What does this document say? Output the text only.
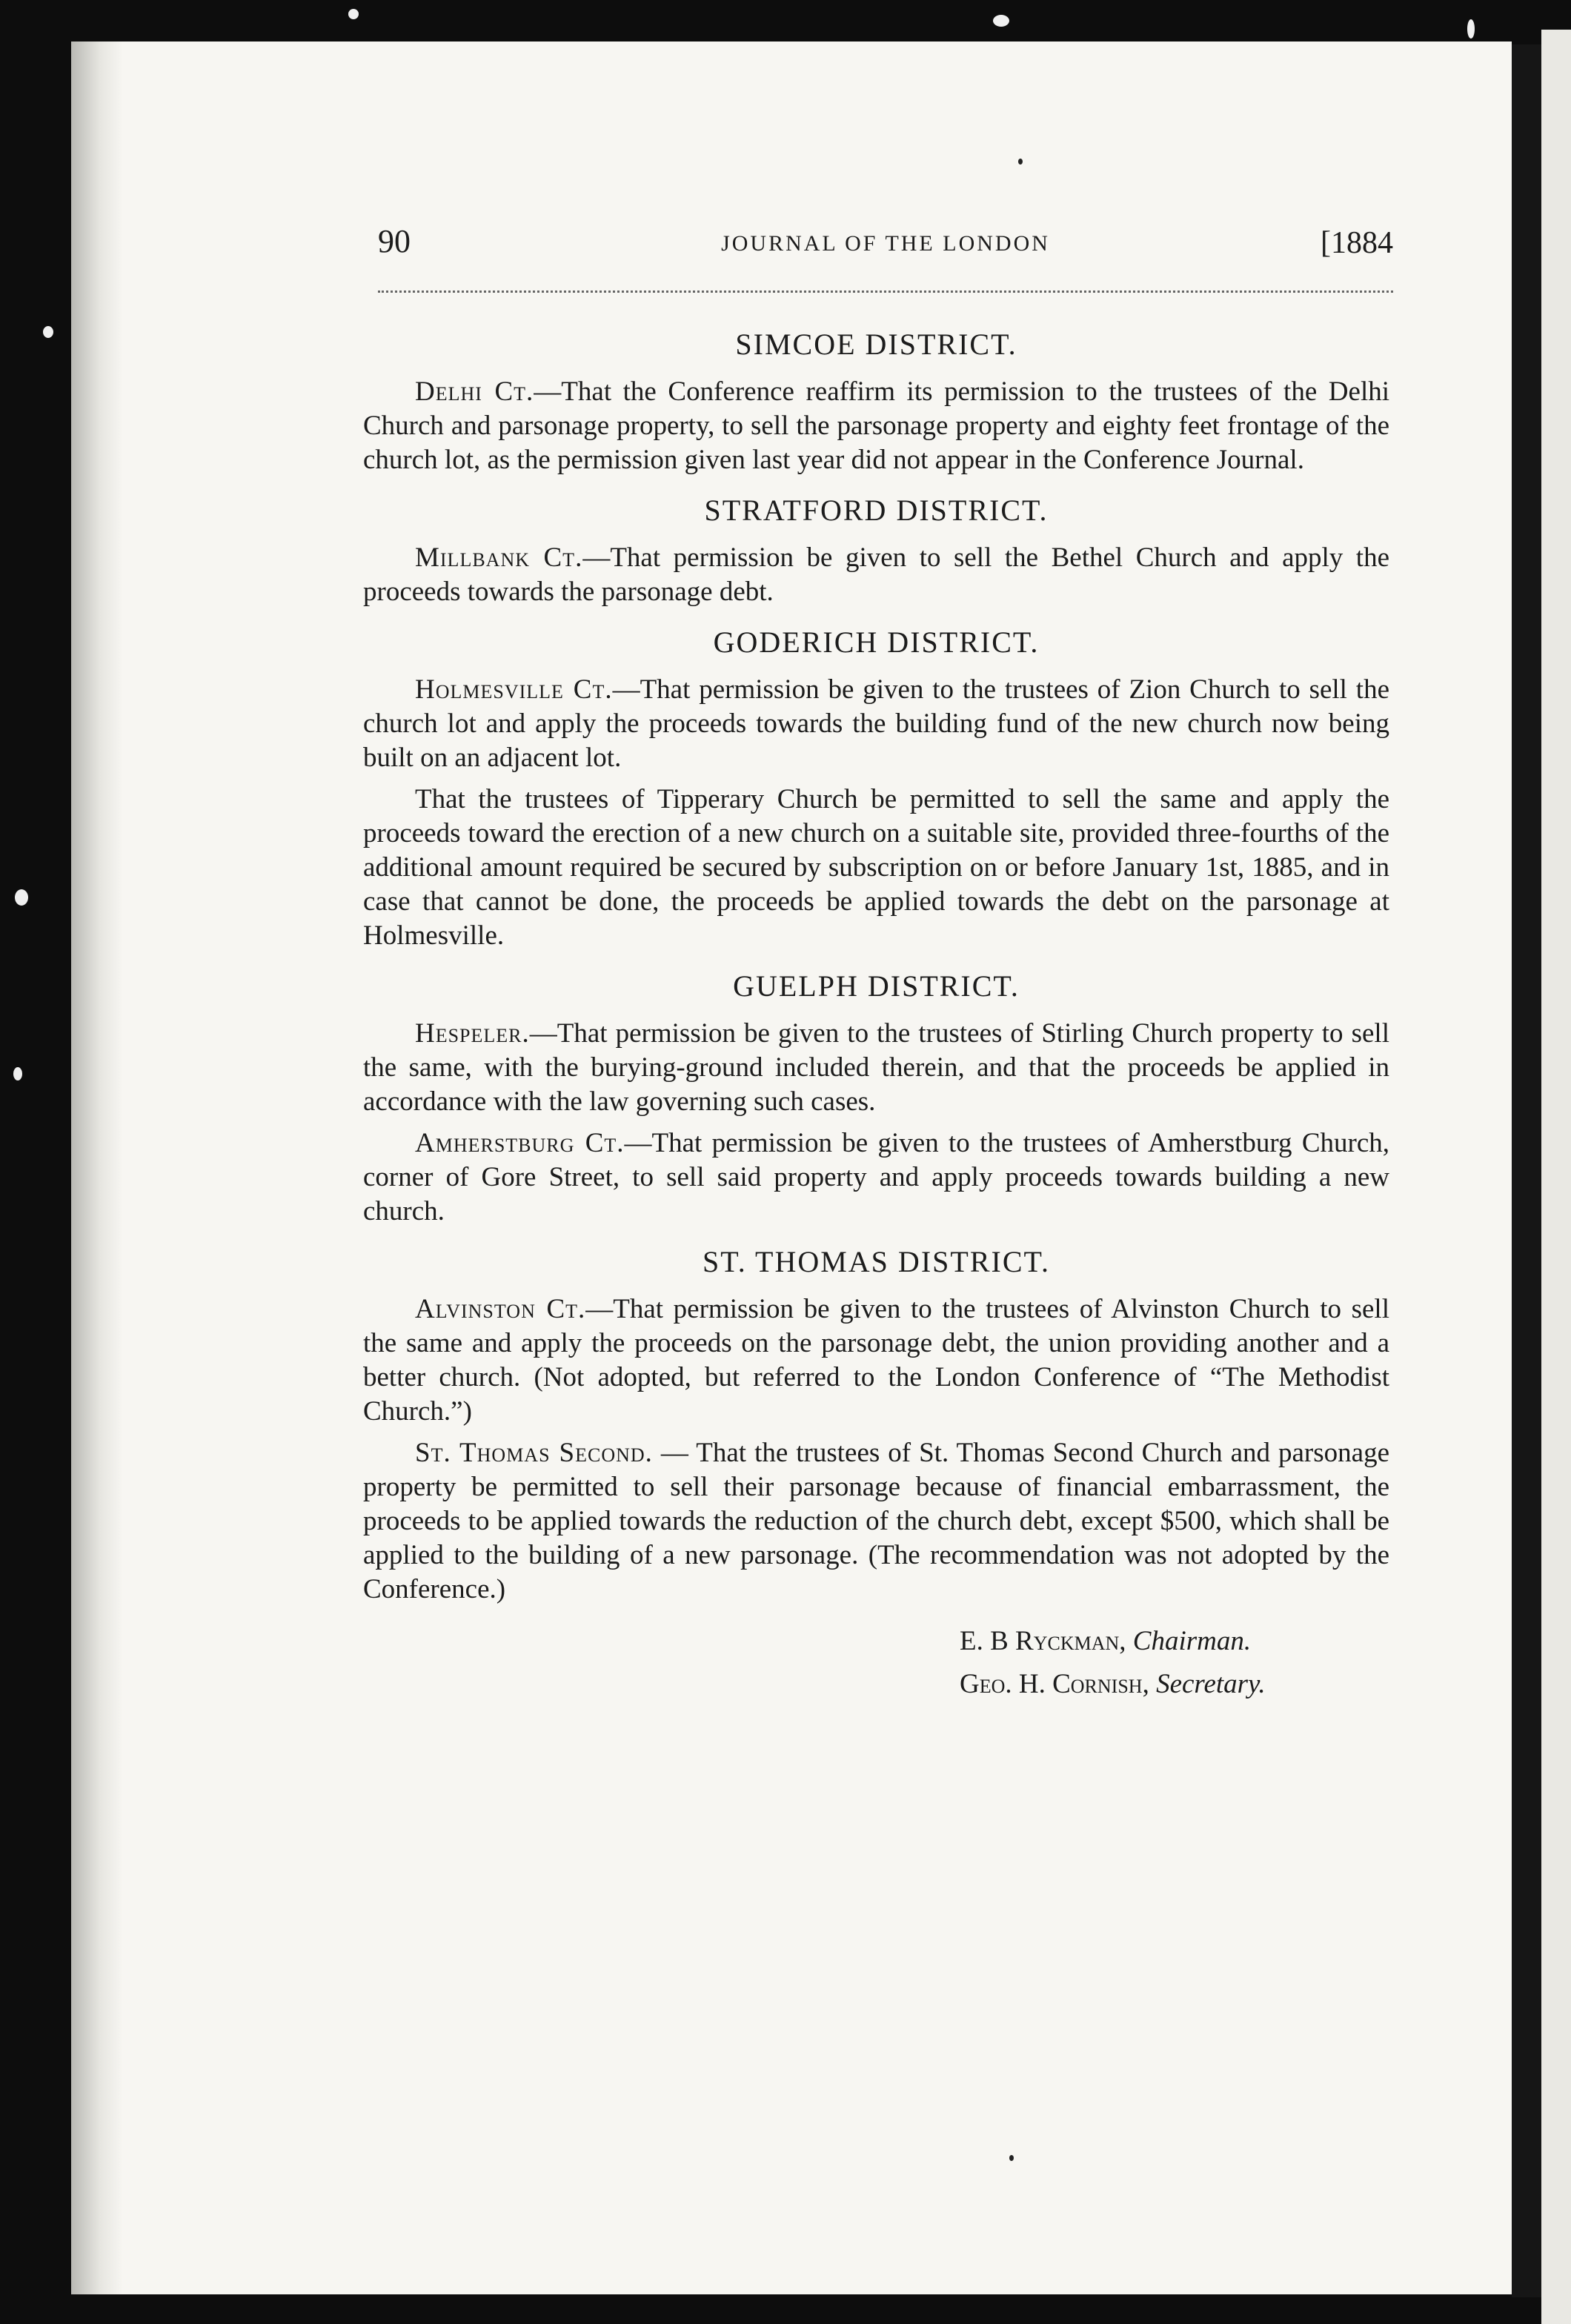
90	JOURNAL OF THE LONDON	[1884
SIMCOE DISTRICT.

Delhi Ct.—That the Conference reaffirm its permission to the trustees of the Delhi Church and parsonage property, to sell the parsonage property and eighty feet frontage of the church lot, as the permission given last year did not appear in the Conference Journal.

STRATFORD DISTRICT.

Millbank Ct.—That permission be given to sell the Bethel Church and apply the proceeds towards the parsonage debt.

GODERICH DISTRICT.

Holmesville Ct.—That permission be given to the trustees of Zion Church to sell the church lot and apply the proceeds towards the building fund of the new church now being built on an adjacent lot.

That the trustees of Tipperary Church be permitted to sell the same and apply the proceeds toward the erection of a new church on a suitable site, provided three-fourths of the additional amount required be secured by subscription on or before January 1st, 1885, and in case that cannot be done, the proceeds be applied towards the debt on the parsonage at Holmesville.

GUELPH DISTRICT.

Hespeler.—That permission be given to the trustees of Stirling Church property to sell the same, with the burying-ground included therein, and that the proceeds be applied in accordance with the law governing such cases.

Amherstburg Ct.—That permission be given to the trustees of Amherstburg Church, corner of Gore Street, to sell said property and apply proceeds towards building a new church.

ST. THOMAS DISTRICT.

Alvinston Ct.—That permission be given to the trustees of Alvinston Church to sell the same and apply the proceeds on the parsonage debt, the union providing another and a better church. (Not adopted, but referred to the London Conference of “The Methodist Church.”)

St. Thomas Second. — That the trustees of St. Thomas Second Church and parsonage property be permitted to sell their parsonage because of financial embarrassment, the proceeds to be applied towards the reduction of the church debt, except $500, which shall be applied to the building of a new parsonage. (The recommendation was not adopted by the Conference.)

E. B Ryckman, Chairman.
Geo. H. Cornish, Secretary.
